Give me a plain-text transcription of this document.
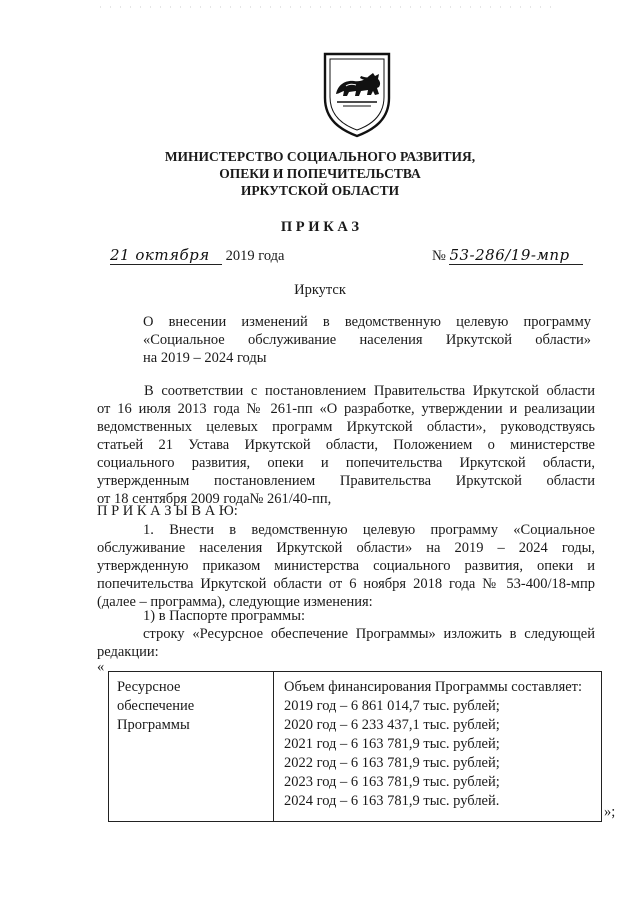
МИНИСТЕРСТВО СОЦИАЛЬНОГО РАЗВИТИЯ,
ОПЕКИ И ПОПЕЧИТЕЛЬСТВА
ИРКУТСКОЙ ОБЛАСТИ
П Р И К А З
21 октября 2019 года	№ 53-286/19-мпр
Иркутск
О внесении изменений в ведомственную целевую программу
«Социальное обслуживание населения Иркутской области»
на 2019 – 2024 годы
В соответствии с постановлением Правительства Иркутской области
от 16 июля 2013 года № 261-пп «О разработке, утверждении и реализации
ведомственных целевых программ Иркутской области», руководствуясь
статьей 21 Устава Иркутской области, Положением о министерстве
социального развития, опеки и попечительства Иркутской области,
утвержденным постановлением Правительства Иркутской области
от 18 сентября 2009 года№ 261/40-пп,
П Р И К А З Ы В А Ю:
1. Внести в ведомственную целевую программу «Социальное
обслуживание населения Иркутской области» на 2019 – 2024 годы,
утвержденную приказом министерства социального развития, опеки и
попечительства Иркутской области от 6 ноября 2018 года № 53-400/18-мпр
(далее – программа), следующие изменения:
1) в Паспорте программы:
строку «Ресурсное обеспечение Программы» изложить в следующей
редакции:
«
Ресурсное
обеспечение
Программы

Объем финансирования Программы составляет:
2019 год – 6 861 014,7 тыс. рублей;
2020 год – 6 233 437,1 тыс. рублей;
2021 год – 6 163 781,9 тыс. рублей;
2022 год – 6 163 781,9 тыс. рублей;
2023 год – 6 163 781,9 тыс. рублей;
2024 год – 6 163 781,9 тыс. рублей.
»;
